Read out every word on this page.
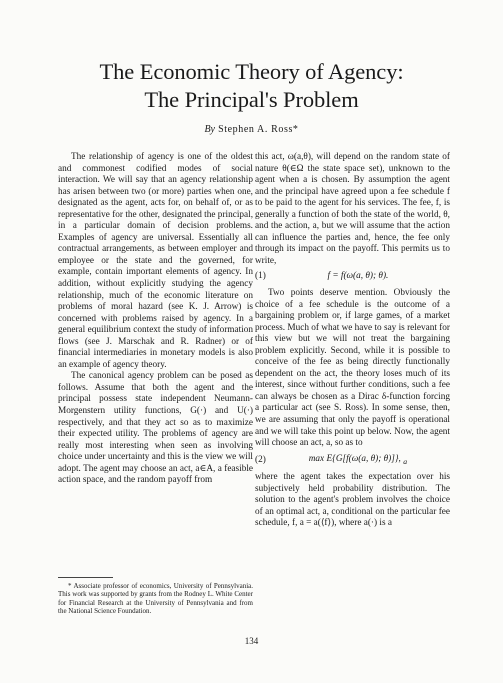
The Economic Theory of Agency:
The Principal's Problem
By Stephen A. Ross*

The relationship of agency is one of the oldest and commonest codified modes of social interaction. We will say that an agency relationship has arisen between two (or more) parties when one, designated as the agent, acts for, on behalf of, or as representative for the other, designated the principal, in a particular domain of decision problems. Examples of agency are universal. Essentially all contractual arrangements, as between employer and employee or the state and the governed, for example, contain important elements of agency. In addition, without explicitly studying the agency relationship, much of the economic literature on problems of moral hazard (see K. J. Arrow) is concerned with problems raised by agency. In a general equilibrium context the study of information flows (see J. Marschak and R. Radner) or of financial intermediaries in monetary models is also an example of agency theory.

The canonical agency problem can be posed as follows. Assume that both the agent and the principal possess state independent Neumann-Morgenstern utility functions, G(·) and U(·) respectively, and that they act so as to maximize their expected utility. The problems of agency are really most interesting when seen as involving choice under uncertainty and this is the view we will adopt. The agent may choose an act, a∈A, a feasible action space, and the random payoff from

this act, ω(a,θ), will depend on the random state of nature θ(∈Ω the state space set), unknown to the agent when a is chosen. By assumption the agent and the principal have agreed upon a fee schedule f to be paid to the agent for his services. The fee, f, is generally a function of both the state of the world, θ, and the action, a, but we will assume that the action can influence the parties and, hence, the fee only through its impact on the payoff. This permits us to write,

(1)	f = f(ω(a, θ); θ).

Two points deserve mention. Obviously the choice of a fee schedule is the outcome of a bargaining problem or, if large games, of a market process. Much of what we have to say is relevant for this view but we will not treat the bargaining problem explicitly. Second, while it is possible to conceive of the fee as being directly functionally dependent on the act, the theory loses much of its interest, since without further conditions, such a fee can always be chosen as a Dirac δ-function forcing a particular act (see S. Ross). In some sense, then, we are assuming that only the payoff is operational and we will take this point up below. Now, the agent will choose an act, a, so as to

(2)	max E{G[f(ω(a, θ); θ)]}, $_a$

where the agent takes the expectation over his subjectively held probability distribution. The solution to the agent's problem involves the choice of an optimal act, a, conditional on the particular fee schedule, f, a = a(⟨f⟩), where a(·) is a

* Associate professor of economics, University of Pennsylvania. This work was supported by grants from the Rodney L. White Center for Financial Research at the University of Pennsylvania and from the National Science Foundation.

134
